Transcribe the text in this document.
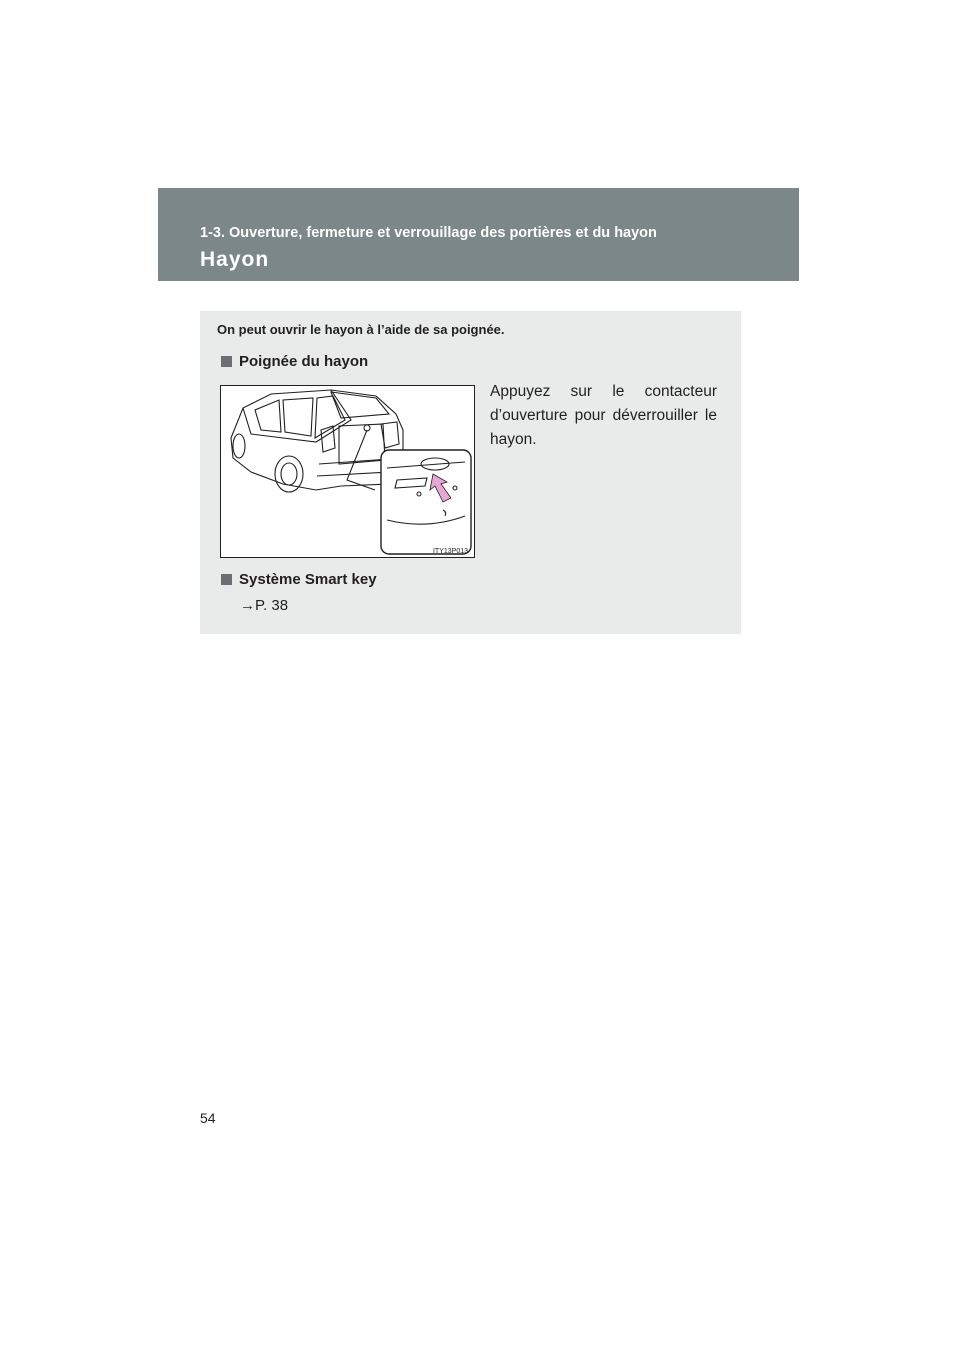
1-3. Ouverture, fermeture et verrouillage des portières et du hayon
Hayon
On peut ouvrir le hayon à l’aide de sa poignée.
Poignée du hayon
ITY13P013
Appuyez sur le contacteur d’ouverture pour déverrouiller le hayon.
Système Smart key
→P. 38
54
